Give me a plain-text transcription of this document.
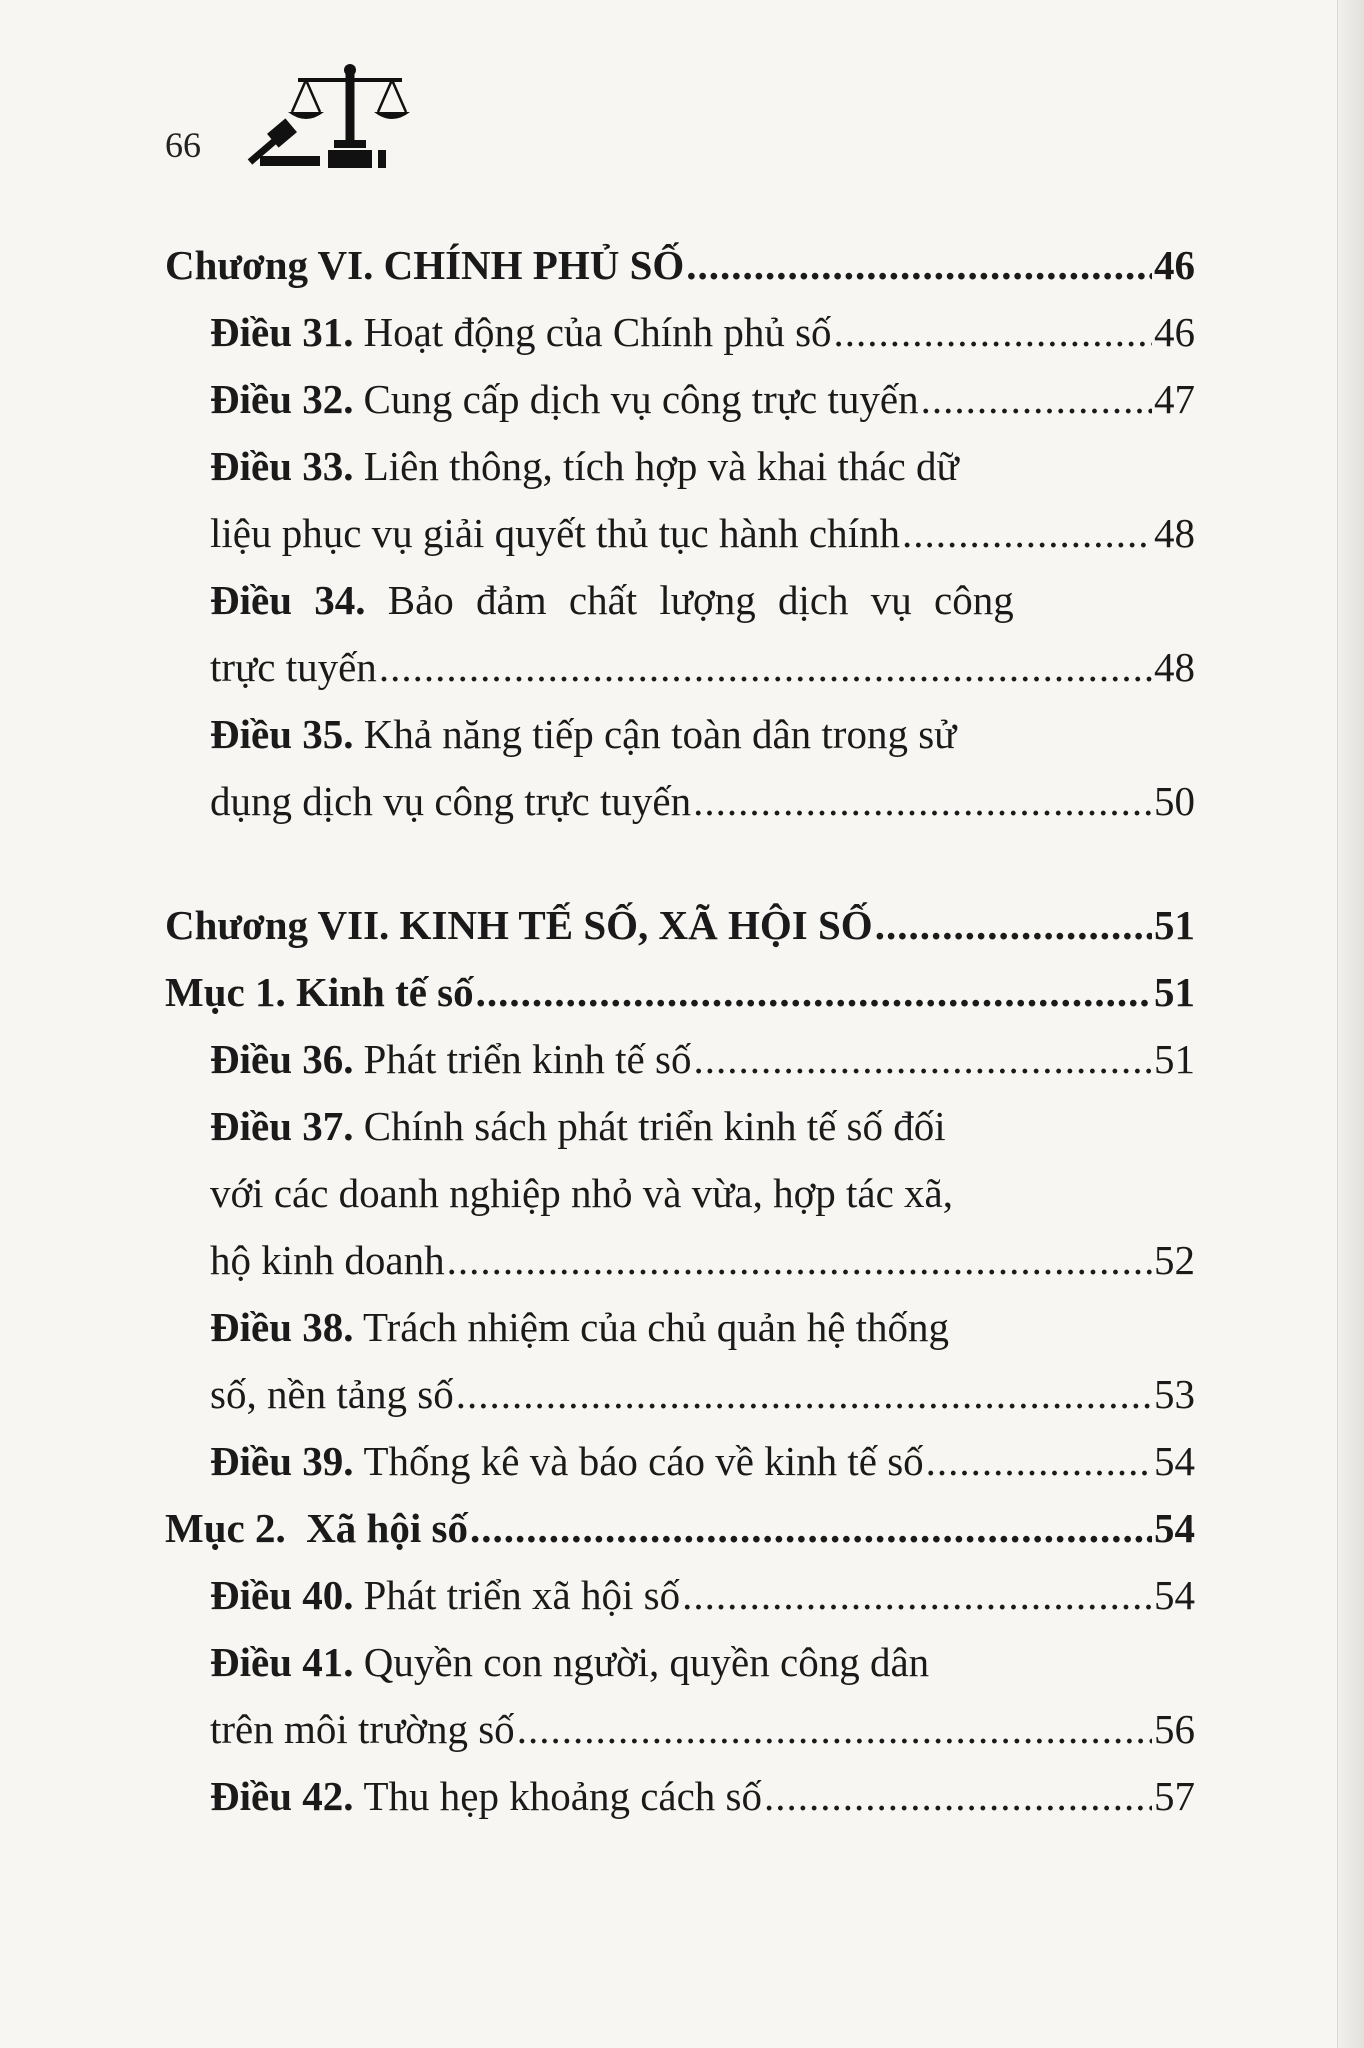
66
Chương VI. CHÍNH PHỦ SỐ .....	46
Điều 31. Hoạt động của Chính phủ số .....	46
Điều 32. Cung cấp dịch vụ công trực tuyến .....	47
Điều 33. Liên thông, tích hợp và khai thác dữ
liệu phục vụ giải quyết thủ tục hành chính .....	48
Điều 34. Bảo đảm chất lượng dịch vụ công
trực tuyến .....	48
Điều 35. Khả năng tiếp cận toàn dân trong sử
dụng dịch vụ công trực tuyến .....	50
Chương VII. KINH TẾ SỐ, XÃ HỘI SỐ .....	51
Mục 1. Kinh tế số .....	51
Điều 36. Phát triển kinh tế số .....	51
Điều 37. Chính sách phát triển kinh tế số đối
với các doanh nghiệp nhỏ và vừa, hợp tác xã,
hộ kinh doanh .....	52
Điều 38. Trách nhiệm của chủ quản hệ thống
số, nền tảng số .....	53
Điều 39. Thống kê và báo cáo về kinh tế số .....	54
Mục 2.  Xã hội số .....	54
Điều 40. Phát triển xã hội số .....	54
Điều 41. Quyền con người, quyền công dân
trên môi trường số .....	56
Điều 42. Thu hẹp khoảng cách số .....	57
